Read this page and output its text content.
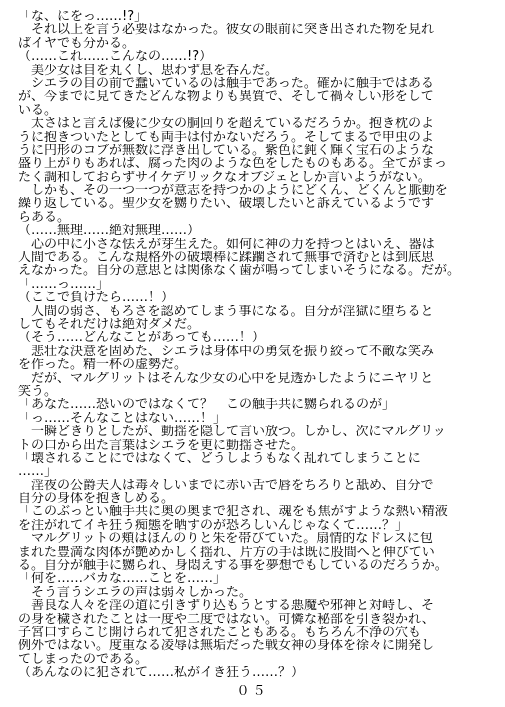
「な、にをっ……!?」
　それ以上を言う必要はなかった。彼女の眼前に突き出された物を見れ
ばイヤでも分かる。
（……これ……こんなの……!?）
　美少女は目を丸くし、思わず息を呑んだ。
　シエラの目の前で蠢いているのは触手であった。確かに触手ではある
が、今までに見てきたどんな物よりも異質で、そして禍々しい形をして
いる。
　太さはと言えば優に少女の胴回りを超えているだろうか。抱き枕のよ
うに抱きついたとしても両手は付かないだろう。そしてまるで甲虫のよ
うに円形のコブが無数に浮き出している。紫色に鈍く輝く宝石のような
盛り上がりもあれば、腐った肉のような色をしたものもある。全てがまっ
たく調和しておらずサイケデリックなオブジェとしか言いようがない。
　しかも、その一つ一つが意志を持つかのようにどくん、どくんと脈動を
繰り返している。聖少女を嬲りたい、破壊したいと訴えているようです
らある。
（……無理……絶対無理……）
　心の中に小さな怯えが芽生えた。如何に神の力を持つとはいえ、器は
人間である。こんな規格外の破壊棒に蹂躙されて無事で済むとは到底思
えなかった。自分の意思とは関係なく歯が鳴ってしまいそうになる。だが。
「……っ……」
（ここで負けたら……！）
　人間の弱さ、もろさを認めてしまう事になる。自分が淫獄に堕ちると
してもそれだけは絶対ダメだ。
（そう……どんなことがあっても……！）
　悲壮な決意を固めた、シエラは身体中の勇気を振り絞って不敵な笑み
を作った。精一杯の虚勢だ。
　だが、マルグリットはそんな少女の心中を見透かしたようにニヤリと
笑う。
「あなた……恐いのではなくて？　この触手共に嬲られるのが」
「っ……そんなことはない……！」
　一瞬どきりとしたが、動揺を隠して言い放つ。しかし、次にマルグリッ
トの口から出た言葉はシエラを更に動揺させた。
「壊されることにではなくて、どうしようもなく乱れてしまうことに
……」
　淫夜の公爵夫人は毒々しいまでに赤い舌で唇をちろりと舐め、自分で
自分の身体を抱きしめる。
「このぶっとい触手共に奥の奥まで犯され、魂をも焦がすような熱い精液
を注がれてイキ狂う痴態を晒すのが恐ろしいんじゃなくて……？」
　マルグリットの頬はほんのりと朱を帯びていた。扇情的なドレスに包
まれた豊満な肉体が艶めかしく揺れ、片方の手は既に股間へと伸びてい
る。自分が触手に嬲られ、身悶えする事を夢想でもしているのだろうか。
「何を……バカな……ことを……」
　そう言うシエラの声は弱々しかった。
　善良な人々を淫の道に引きずり込もうとする悪魔や邪神と対峙し、そ
の身を穢されたことは一度や二度ではない。可憐な秘部を引き裂かれ、
子宮口すらこじ開けられて犯されたこともある。もちろん不浄の穴も
例外ではない。度重なる凌辱は無垢だった戦女神の身体を徐々に開発し
てしまったのである。
（あんなのに犯されて……私がイき狂う……？）
０５
